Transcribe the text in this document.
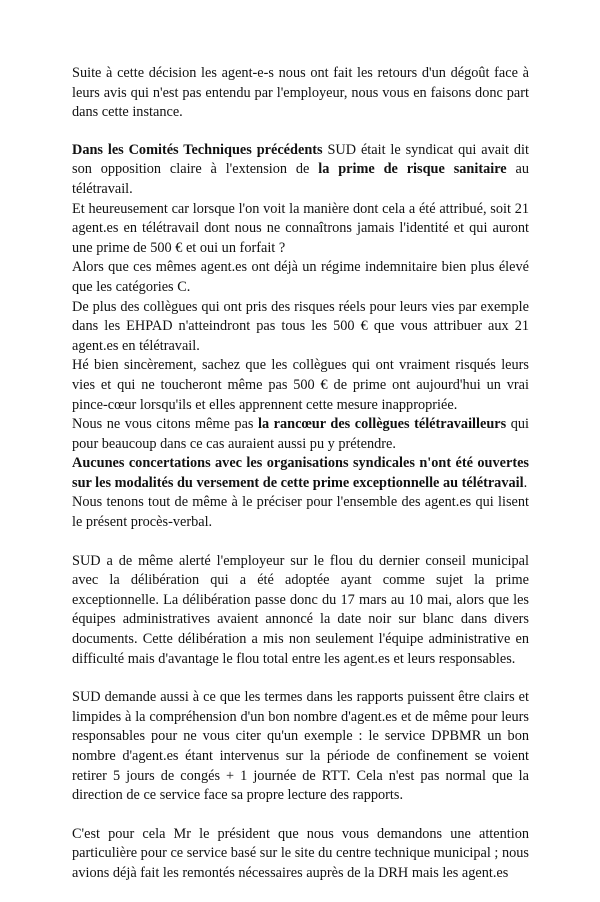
Suite à cette décision les agent-e-s nous ont fait les retours d'un dégoût face à leurs avis qui n'est pas entendu par l'employeur, nous vous en faisons donc part dans cette instance.

Dans les Comités Techniques précédents SUD était le syndicat qui avait dit son opposition claire à l'extension de la prime de risque sanitaire au télétravail.

Et heureusement car lorsque l'on voit la manière dont cela a été attribué, soit 21 agent.es en télétravail dont nous ne connaîtrons jamais l'identité et qui auront une prime de 500 € et oui un forfait ?

Alors que ces mêmes agent.es ont déjà un régime indemnitaire bien plus élevé que les catégories C.

De plus des collègues qui ont pris des risques réels pour leurs vies par exemple dans les EHPAD n'atteindront pas tous les 500 € que vous attribuer aux 21 agent.es en télétravail.

Hé bien sincèrement, sachez que les collègues qui ont vraiment risqués leurs vies et qui ne toucheront même pas 500 € de prime ont aujourd'hui un vrai pince-cœur lorsqu'ils et elles apprennent cette mesure inappropriée.

Nous ne vous citons même pas la rancœur des collègues télétravailleurs qui pour beaucoup dans ce cas auraient aussi pu y prétendre.

Aucunes concertations avec les organisations syndicales n'ont été ouvertes sur les modalités du versement de cette prime exceptionnelle au télétravail.

Nous tenons tout de même à le préciser pour l'ensemble des agent.es qui lisent le présent procès-verbal.

SUD a de même alerté l'employeur sur le flou du dernier conseil municipal avec la délibération qui a été adoptée ayant comme sujet la prime exceptionnelle. La délibération passe donc du 17 mars au 10 mai, alors que les équipes administratives avaient annoncé la date noir sur blanc dans divers documents. Cette délibération a mis non seulement l'équipe administrative en difficulté mais d'avantage le flou total entre les agent.es et leurs responsables.

SUD demande aussi à ce que les termes dans les rapports puissent être clairs et limpides à la compréhension d'un bon nombre d'agent.es et de même pour leurs responsables pour ne vous citer qu'un exemple : le service DPBMR un bon nombre d'agent.es étant intervenus sur la période de confinement se voient retirer 5 jours de congés + 1 journée de RTT. Cela n'est pas normal que la direction de ce service face sa propre lecture des rapports.

C'est pour cela Mr le président que nous vous demandons une attention particulière pour ce service basé sur le site du centre technique municipal ; nous avions déjà fait les remontés nécessaires auprès de la DRH mais les agent.es
